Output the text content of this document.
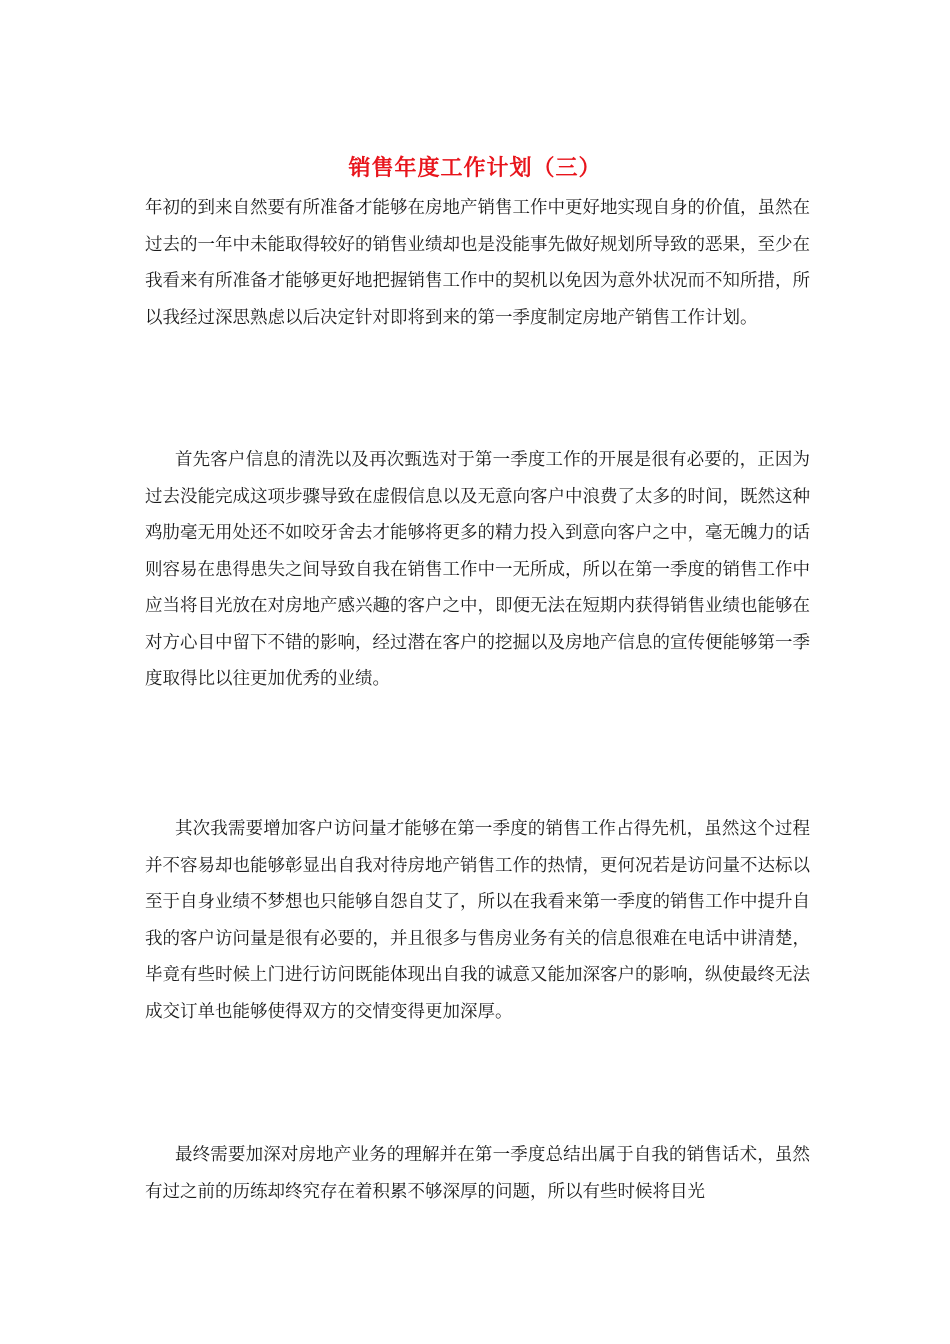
销售年度工作计划（三）

年初的到来自然要有所准备才能够在房地产销售工作中更好地实现自身的价值，虽然在过去的一年中未能取得较好的销售业绩却也是没能事先做好规划所导致的恶果，至少在我看来有所准备才能够更好地把握销售工作中的契机以免因为意外状况而不知所措，所以我经过深思熟虑以后决定针对即将到来的第一季度制定房地产销售工作计划。

首先客户信息的清洗以及再次甄选对于第一季度工作的开展是很有必要的，正因为过去没能完成这项步骤导致在虚假信息以及无意向客户中浪费了太多的时间，既然这种鸡肋毫无用处还不如咬牙舍去才能够将更多的精力投入到意向客户之中，毫无魄力的话则容易在患得患失之间导致自我在销售工作中一无所成，所以在第一季度的销售工作中应当将目光放在对房地产感兴趣的客户之中，即便无法在短期内获得销售业绩也能够在对方心目中留下不错的影响，经过潜在客户的挖掘以及房地产信息的宣传便能够第一季度取得比以往更加优秀的业绩。

其次我需要增加客户访问量才能够在第一季度的销售工作占得先机，虽然这个过程并不容易却也能够彰显出自我对待房地产销售工作的热情，更何况若是访问量不达标以至于自身业绩不梦想也只能够自怨自艾了，所以在我看来第一季度的销售工作中提升自我的客户访问量是很有必要的，并且很多与售房业务有关的信息很难在电话中讲清楚，毕竟有些时候上门进行访问既能体现出自我的诚意又能加深客户的影响，纵使最终无法成交订单也能够使得双方的交情变得更加深厚。

最终需要加深对房地产业务的理解并在第一季度总结出属于自我的销售话术，虽然有过之前的历练却终究存在着积累不够深厚的问题，所以有些时候将目光
